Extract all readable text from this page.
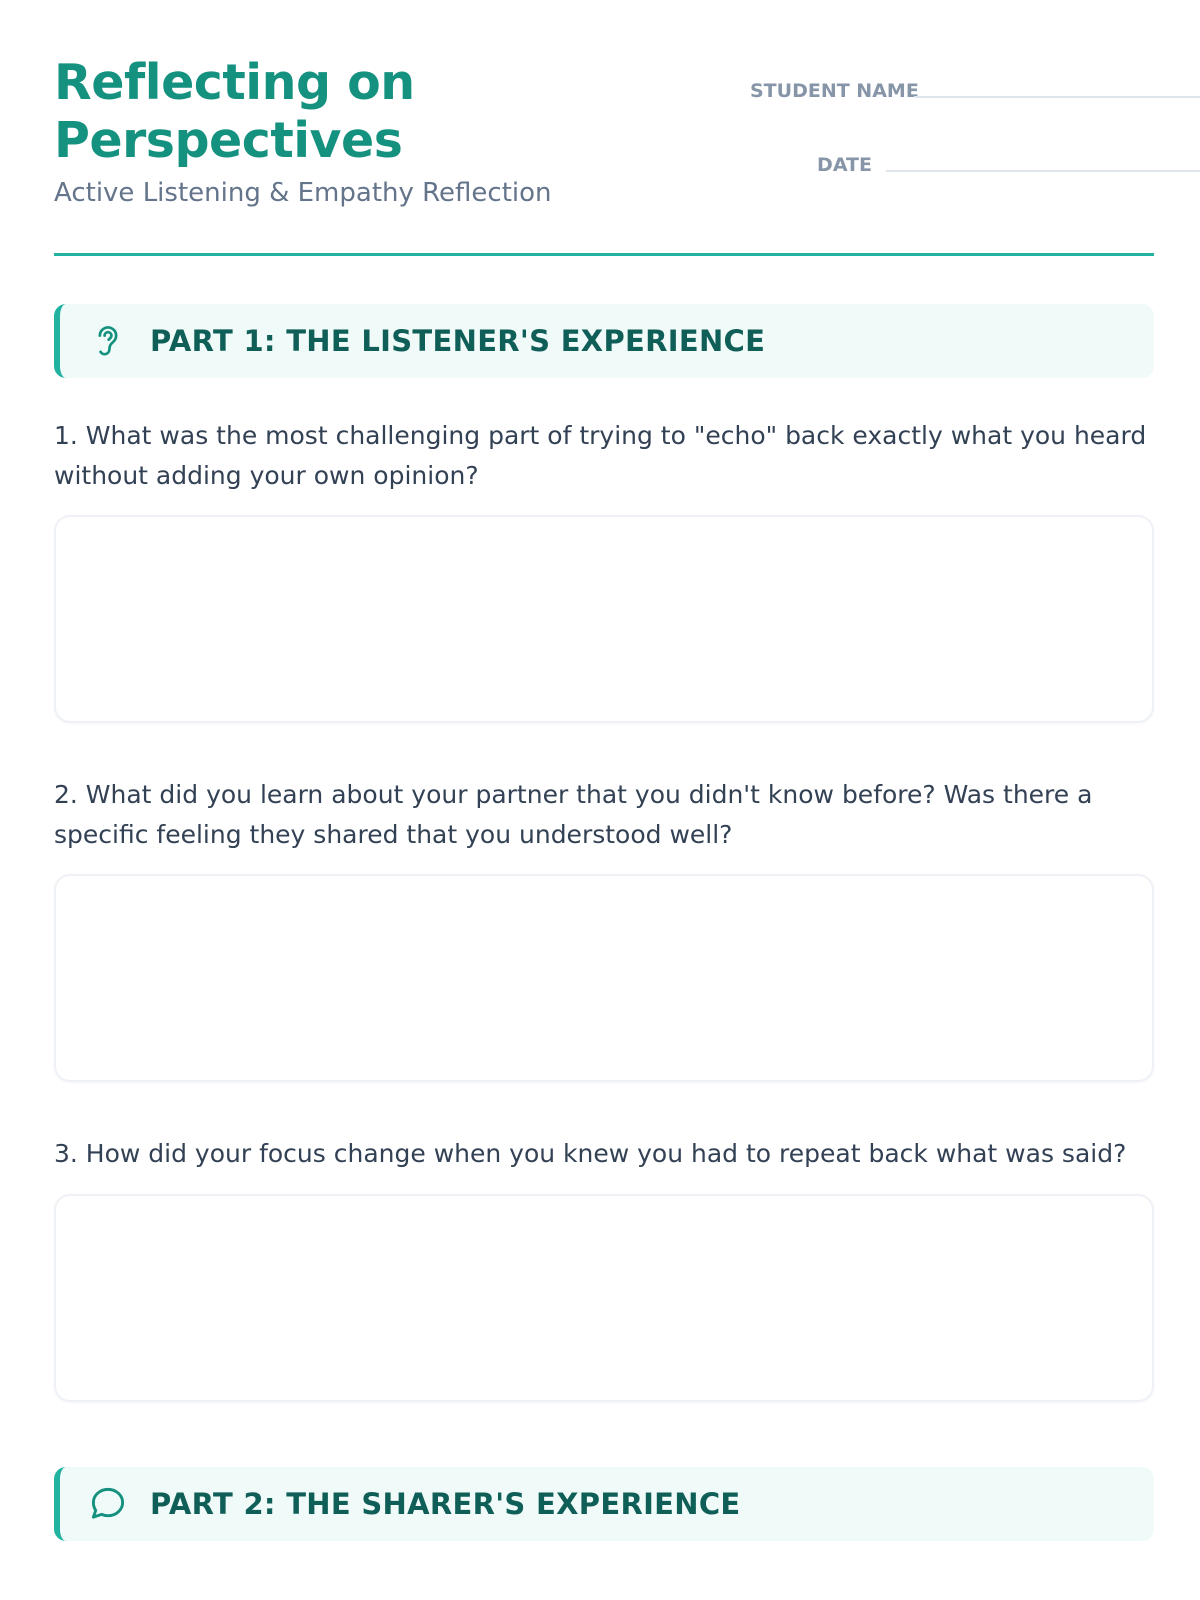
Reflecting on
Perspectives
Active Listening & Empathy Reflection
STUDENT NAME
DATE
PART 1: THE LISTENER'S EXPERIENCE
1. What was the most challenging part of trying to "echo" back exactly what you heard without adding your own opinion?
2. What did you learn about your partner that you didn't know before? Was there a specific feeling they shared that you understood well?
3. How did your focus change when you knew you had to repeat back what was said?
PART 2: THE SHARER'S EXPERIENCE
